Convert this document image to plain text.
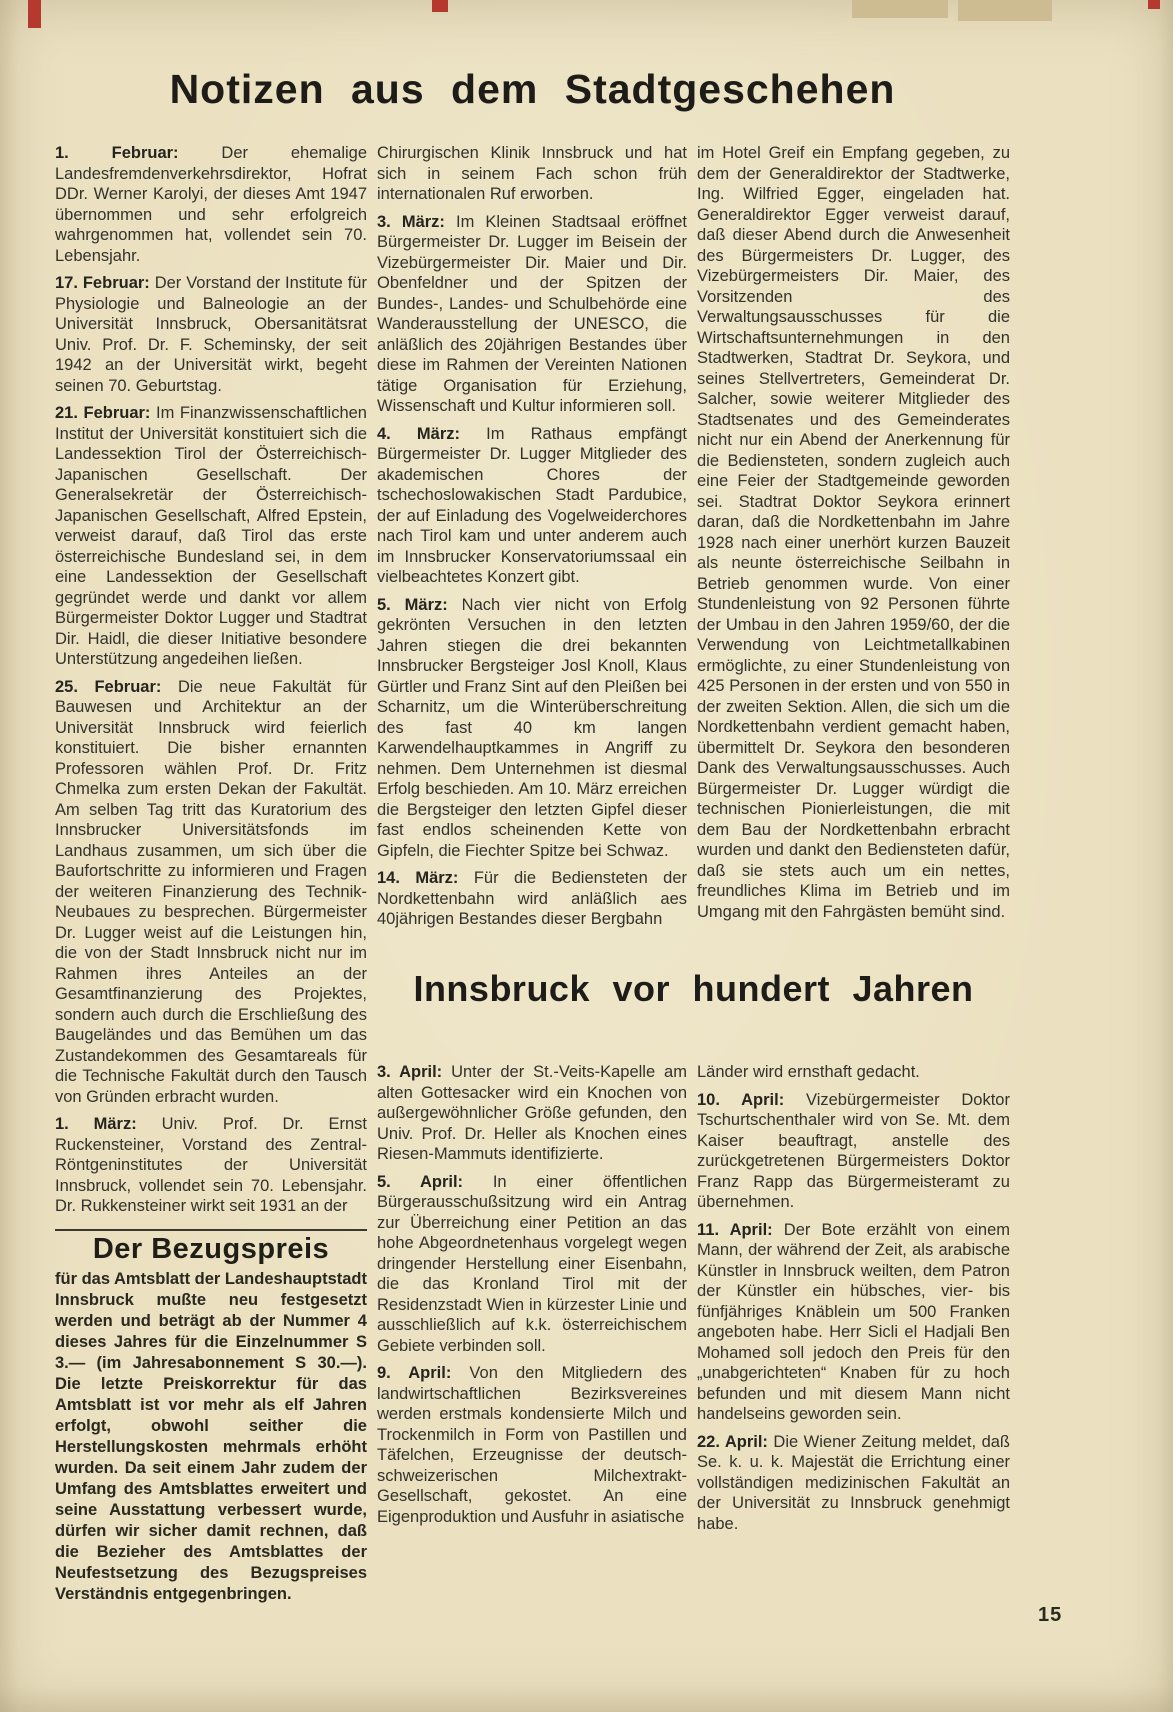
Notizen aus dem Stadtgeschehen

1. Februar: Der ehemalige Landesfremdenverkehrsdirektor, Hofrat DDr. Werner Karolyi, der dieses Amt 1947 übernommen und sehr erfolgreich wahrgenommen hat, vollendet sein 70. Lebensjahr.

17. Februar: Der Vorstand der Institute für Physiologie und Balneologie an der Universität Innsbruck, Obersanitätsrat Univ. Prof. Dr. F. Scheminsky, der seit 1942 an der Universität wirkt, begeht seinen 70. Geburtstag.

21. Februar: Im Finanzwissenschaftlichen Institut der Universität konstituiert sich die Landessektion Tirol der Österreichisch-Japanischen Gesellschaft. Der Generalsekretär der Österreichisch-Japanischen Gesellschaft, Alfred Epstein, verweist darauf, daß Tirol das erste österreichische Bundesland sei, in dem eine Landessektion der Gesellschaft gegründet werde und dankt vor allem Bürgermeister Doktor Lugger und Stadtrat Dir. Haidl, die dieser Initiative besondere Unterstützung angedeihen ließen.

25. Februar: Die neue Fakultät für Bauwesen und Architektur an der Universität Innsbruck wird feierlich konstituiert. Die bisher ernannten Professoren wählen Prof. Dr. Fritz Chmelka zum ersten Dekan der Fakultät. Am selben Tag tritt das Kuratorium des Innsbrucker Universitätsfonds im Landhaus zusammen, um sich über die Baufortschritte zu informieren und Fragen der weiteren Finanzierung des Technik-Neubaues zu besprechen. Bürgermeister Dr. Lugger weist auf die Leistungen hin, die von der Stadt Innsbruck nicht nur im Rahmen ihres Anteiles an der Gesamtfinanzierung des Projektes, sondern auch durch die Erschließung des Baugeländes und das Bemühen um das Zustandekommen des Gesamtareals für die Technische Fakultät durch den Tausch von Gründen erbracht wurden.

1. März: Univ. Prof. Dr. Ernst Ruckensteiner, Vorstand des Zentral-Röntgeninstitutes der Universität Innsbruck, vollendet sein 70. Lebensjahr. Dr. Rukkensteiner wirkt seit 1931 an der

Der Bezugspreis

für das Amtsblatt der Landeshauptstadt Innsbruck mußte neu festgesetzt werden und beträgt ab der Nummer 4 dieses Jahres für die Einzelnummer S 3.— (im Jahresabonnement S 30.—). Die letzte Preiskorrektur für das Amtsblatt ist vor mehr als elf Jahren erfolgt, obwohl seither die Herstellungskosten mehrmals erhöht wurden. Da seit einem Jahr zudem der Umfang des Amtsblattes erweitert und seine Ausstattung verbessert wurde, dürfen wir sicher damit rechnen, daß die Bezieher des Amtsblattes der Neufestsetzung des Bezugspreises Verständnis entgegenbringen.

Chirurgischen Klinik Innsbruck und hat sich in seinem Fach schon früh internationalen Ruf erworben.

3. März: Im Kleinen Stadtsaal eröffnet Bürgermeister Dr. Lugger im Beisein der Vizebürgermeister Dir. Maier und Dir. Obenfeldner und der Spitzen der Bundes-, Landes- und Schulbehörde eine Wanderausstellung der UNESCO, die anläßlich des 20jährigen Bestandes über diese im Rahmen der Vereinten Nationen tätige Organisation für Erziehung, Wissenschaft und Kultur informieren soll.

4. März: Im Rathaus empfängt Bürgermeister Dr. Lugger Mitglieder des akademischen Chores der tschechoslowakischen Stadt Pardubice, der auf Einladung des Vogelweiderchores nach Tirol kam und unter anderem auch im Innsbrucker Konservatoriumssaal ein vielbeachtetes Konzert gibt.

5. März: Nach vier nicht von Erfolg gekrönten Versuchen in den letzten Jahren stiegen die drei bekannten Innsbrucker Bergsteiger Josl Knoll, Klaus Gürtler und Franz Sint auf den Pleißen bei Scharnitz, um die Winterüberschreitung des fast 40 km langen Karwendelhauptkammes in Angriff zu nehmen. Dem Unternehmen ist diesmal Erfolg beschieden. Am 10. März erreichen die Bergsteiger den letzten Gipfel dieser fast endlos scheinenden Kette von Gipfeln, die Fiechter Spitze bei Schwaz.

14. März: Für die Bediensteten der Nordkettenbahn wird anläßlich aes 40jährigen Bestandes dieser Bergbahn

im Hotel Greif ein Empfang gegeben, zu dem der Generaldirektor der Stadtwerke, Ing. Wilfried Egger, eingeladen hat. Generaldirektor Egger verweist darauf, daß dieser Abend durch die Anwesenheit des Bürgermeisters Dr. Lugger, des Vizebürgermeisters Dir. Maier, des Vorsitzenden des Verwaltungsausschusses für die Wirtschaftsunternehmungen in den Stadtwerken, Stadtrat Dr. Seykora, und seines Stellvertreters, Gemeinderat Dr. Salcher, sowie weiterer Mitglieder des Stadtsenates und des Gemeinderates nicht nur ein Abend der Anerkennung für die Bediensteten, sondern zugleich auch eine Feier der Stadtgemeinde geworden sei. Stadtrat Doktor Seykora erinnert daran, daß die Nordkettenbahn im Jahre 1928 nach einer unerhört kurzen Bauzeit als neunte österreichische Seilbahn in Betrieb genommen wurde. Von einer Stundenleistung von 92 Personen führte der Umbau in den Jahren 1959/60, der die Verwendung von Leichtmetallkabinen ermöglichte, zu einer Stundenleistung von 425 Personen in der ersten und von 550 in der zweiten Sektion. Allen, die sich um die Nordkettenbahn verdient gemacht haben, übermittelt Dr. Seykora den besonderen Dank des Verwaltungsausschusses. Auch Bürgermeister Dr. Lugger würdigt die technischen Pionierleistungen, die mit dem Bau der Nordkettenbahn erbracht wurden und dankt den Bediensteten dafür, daß sie stets auch um ein nettes, freundliches Klima im Betrieb und im Umgang mit den Fahrgästen bemüht sind.

Innsbruck vor hundert Jahren

3. April: Unter der St.-Veits-Kapelle am alten Gottesacker wird ein Knochen von außergewöhnlicher Größe gefunden, den Univ. Prof. Dr. Heller als Knochen eines Riesen-Mammuts identifizierte.

5. April: In einer öffentlichen Bürgerausschußsitzung wird ein Antrag zur Überreichung einer Petition an das hohe Abgeordnetenhaus vorgelegt wegen dringender Herstellung einer Eisenbahn, die das Kronland Tirol mit der Residenzstadt Wien in kürzester Linie und ausschließlich auf k.k. österreichischem Gebiete verbinden soll.

9. April: Von den Mitgliedern des landwirtschaftlichen Bezirksvereines werden erstmals kondensierte Milch und Trockenmilch in Form von Pastillen und Täfelchen, Erzeugnisse der deutsch-schweizerischen Milchextrakt-Gesellschaft, gekostet. An eine Eigenproduktion und Ausfuhr in asiatische

Länder wird ernsthaft gedacht.

10. April: Vizebürgermeister Doktor Tschurtschenthaler wird von Se. Mt. dem Kaiser beauftragt, anstelle des zurückgetretenen Bürgermeisters Doktor Franz Rapp das Bürgermeisteramt zu übernehmen.

11. April: Der Bote erzählt von einem Mann, der während der Zeit, als arabische Künstler in Innsbruck weilten, dem Patron der Künstler ein hübsches, vier- bis fünfjähriges Knäblein um 500 Franken angeboten habe. Herr Sicli el Hadjali Ben Mohamed soll jedoch den Preis für den „unabgerichteten“ Knaben für zu hoch befunden und mit diesem Mann nicht handelseins geworden sein.

22. April: Die Wiener Zeitung meldet, daß Se. k. u. k. Majestät die Errichtung einer vollständigen medizinischen Fakultät an der Universität zu Innsbruck genehmigt habe.

15
